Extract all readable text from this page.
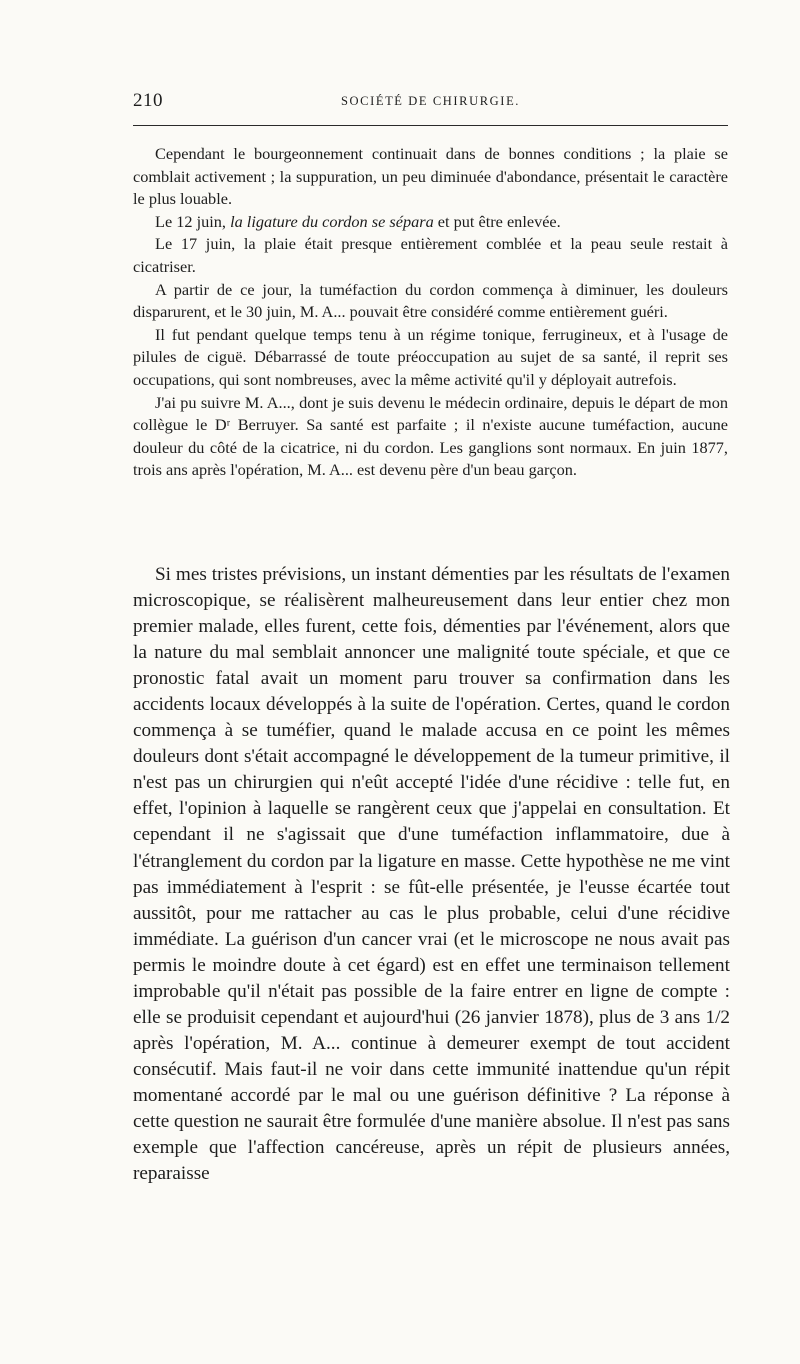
210	SOCIÉTÉ DE CHIRURGIE.

Cependant le bourgeonnement continuait dans de bonnes conditions ; la plaie se comblait activement ; la suppuration, un peu diminuée d'abondance, présentait le caractère le plus louable.

Le 12 juin, la ligature du cordon se sépara et put être enlevée.

Le 17 juin, la plaie était presque entièrement comblée et la peau seule restait à cicatriser.

A partir de ce jour, la tuméfaction du cordon commença à diminuer, les douleurs disparurent, et le 30 juin, M. A... pouvait être considéré comme entièrement guéri.

Il fut pendant quelque temps tenu à un régime tonique, ferrugineux, et à l'usage de pilules de ciguë. Débarrassé de toute préoccupation au sujet de sa santé, il reprit ses occupations, qui sont nombreuses, avec la même activité qu'il y déployait autrefois.

J'ai pu suivre M. A..., dont je suis devenu le médecin ordinaire, depuis le départ de mon collègue le Dʳ Berruyer. Sa santé est parfaite ; il n'existe aucune tuméfaction, aucune douleur du côté de la cicatrice, ni du cordon. Les ganglions sont normaux. En juin 1877, trois ans après l'opération, M. A... est devenu père d'un beau garçon.

Si mes tristes prévisions, un instant démenties par les résultats de l'examen microscopique, se réalisèrent malheureusement dans leur entier chez mon premier malade, elles furent, cette fois, démenties par l'événement, alors que la nature du mal semblait annoncer une malignité toute spéciale, et que ce pronostic fatal avait un moment paru trouver sa confirmation dans les accidents locaux développés à la suite de l'opération. Certes, quand le cordon commença à se tuméfier, quand le malade accusa en ce point les mêmes douleurs dont s'était accompagné le développement de la tumeur primitive, il n'est pas un chirurgien qui n'eût accepté l'idée d'une récidive : telle fut, en effet, l'opinion à laquelle se rangèrent ceux que j'appelai en consultation. Et cependant il ne s'agissait que d'une tuméfaction inflammatoire, due à l'étranglement du cordon par la ligature en masse. Cette hypothèse ne me vint pas immédiatement à l'esprit : se fût-elle présentée, je l'eusse écartée tout aussitôt, pour me rattacher au cas le plus probable, celui d'une récidive immédiate. La guérison d'un cancer vrai (et le microscope ne nous avait pas permis le moindre doute à cet égard) est en effet une terminaison tellement improbable qu'il n'était pas possible de la faire entrer en ligne de compte : elle se produisit cependant et aujourd'hui (26 janvier 1878), plus de 3 ans 1/2 après l'opération, M. A... continue à demeurer exempt de tout accident consécutif. Mais faut-il ne voir dans cette immunité inattendue qu'un répit momentané accordé par le mal ou une guérison définitive ? La réponse à cette question ne saurait être formulée d'une manière absolue. Il n'est pas sans exemple que l'affection cancéreuse, après un répit de plusieurs années, reparaisse
